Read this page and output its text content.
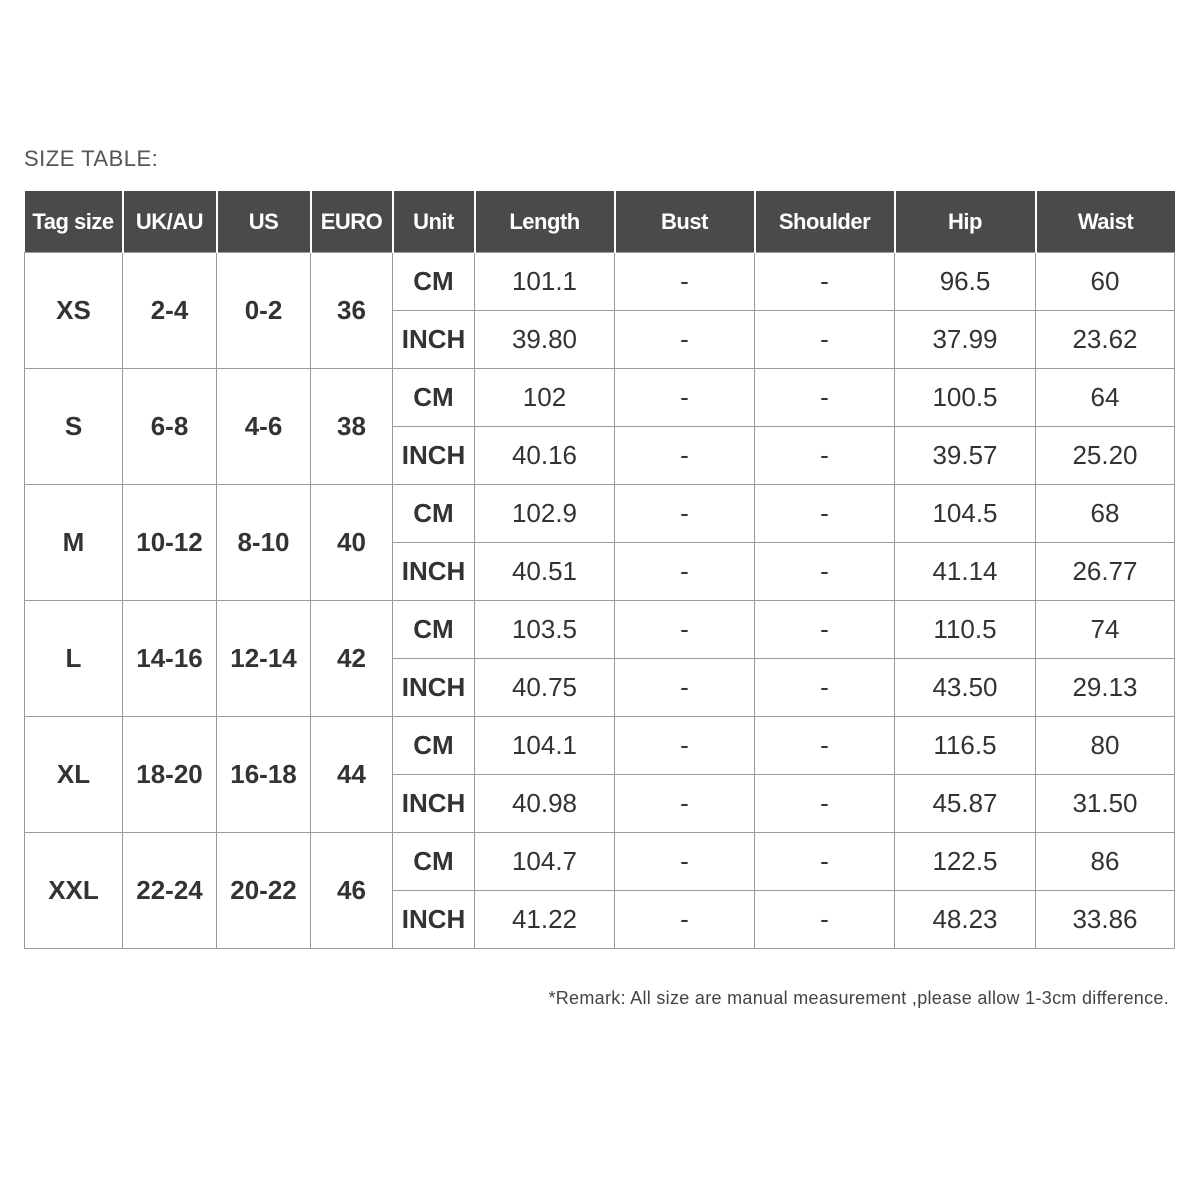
SIZE TABLE:
Tag size	UK/AU	US	EURO	Unit	Length	Bust	Shoulder	Hip	Waist
XS	2-4	0-2	36	CM	101.1	-	-	96.5	60
				INCH	39.80	-	-	37.99	23.62
S	6-8	4-6	38	CM	102	-	-	100.5	64
				INCH	40.16	-	-	39.57	25.20
M	10-12	8-10	40	CM	102.9	-	-	104.5	68
				INCH	40.51	-	-	41.14	26.77
L	14-16	12-14	42	CM	103.5	-	-	110.5	74
				INCH	40.75	-	-	43.50	29.13
XL	18-20	16-18	44	CM	104.1	-	-	116.5	80
				INCH	40.98	-	-	45.87	31.50
XXL	22-24	20-22	46	CM	104.7	-	-	122.5	86
				INCH	41.22	-	-	48.23	33.86
*Remark: All size are manual measurement ,please allow 1-3cm difference.
